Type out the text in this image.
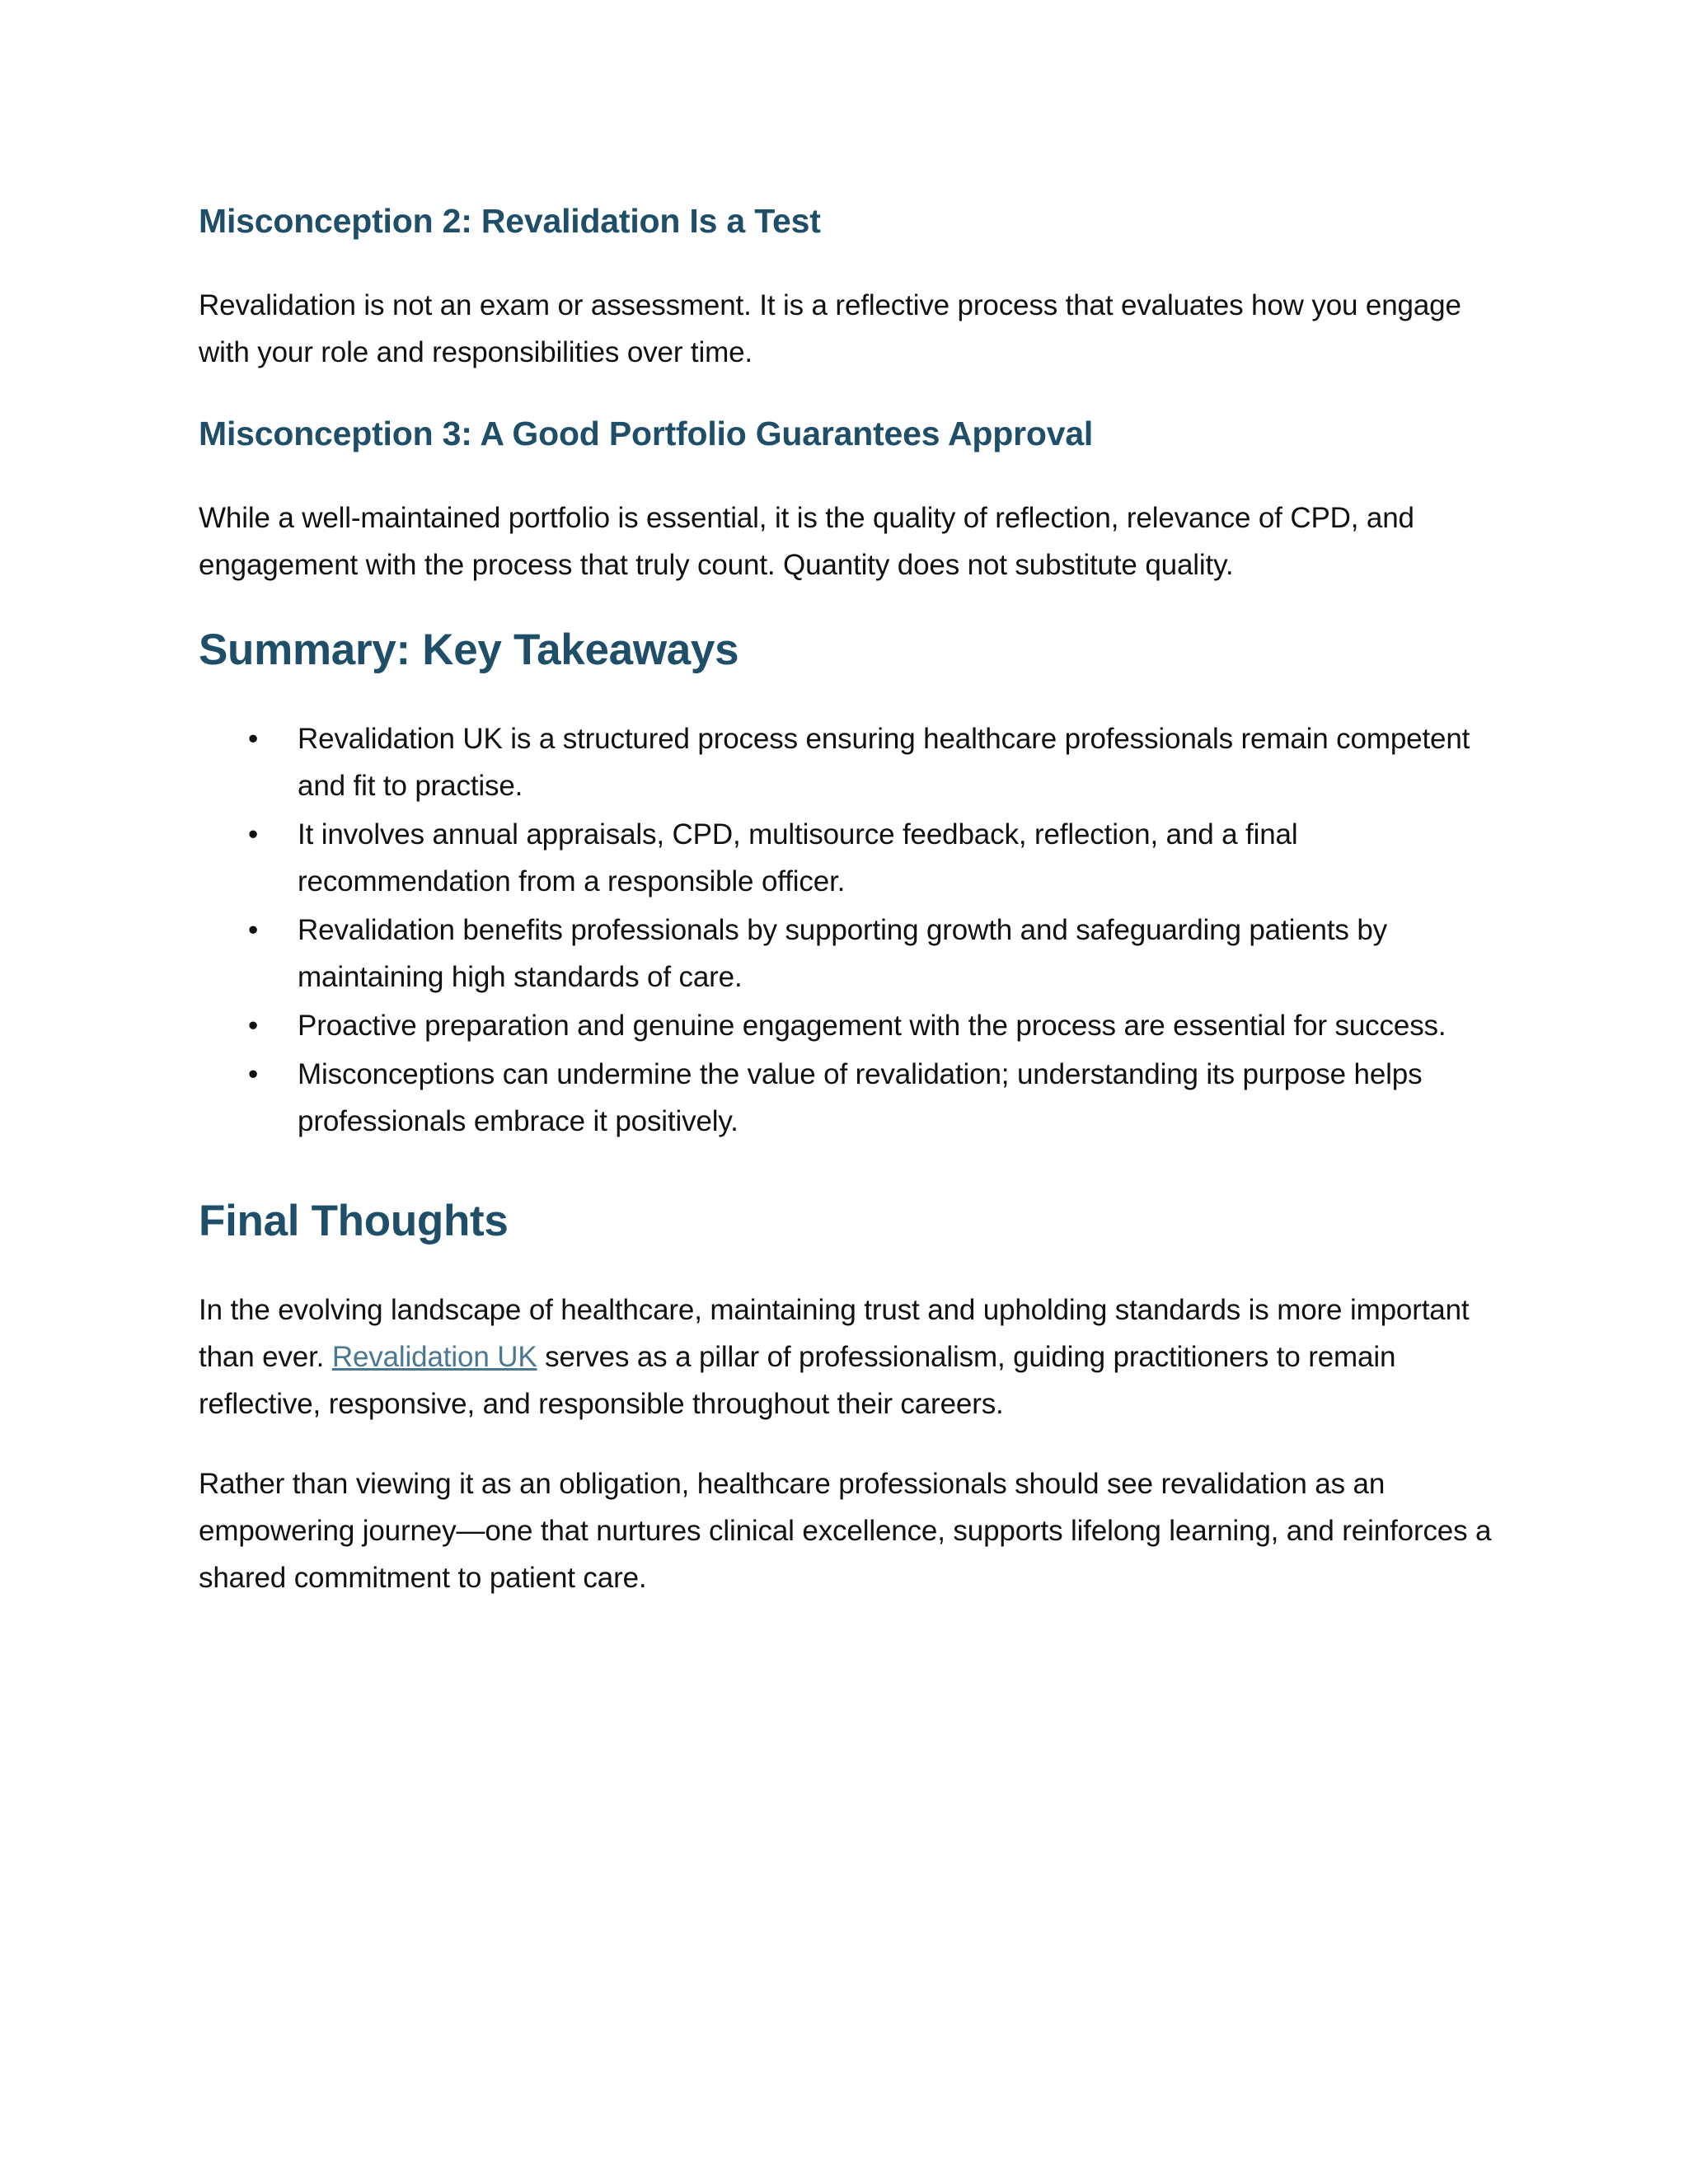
Misconception 2: Revalidation Is a Test

Revalidation is not an exam or assessment. It is a reflective process that evaluates how you engage with your role and responsibilities over time.

Misconception 3: A Good Portfolio Guarantees Approval

While a well-maintained portfolio is essential, it is the quality of reflection, relevance of CPD, and engagement with the process that truly count. Quantity does not substitute quality.

Summary: Key Takeaways
• Revalidation UK is a structured process ensuring healthcare professionals remain competent and fit to practise.
• It involves annual appraisals, CPD, multisource feedback, reflection, and a final recommendation from a responsible officer.
• Revalidation benefits professionals by supporting growth and safeguarding patients by maintaining high standards of care.
• Proactive preparation and genuine engagement with the process are essential for success.
• Misconceptions can undermine the value of revalidation; understanding its purpose helps professionals embrace it positively.
Final Thoughts

In the evolving landscape of healthcare, maintaining trust and upholding standards is more important than ever. Revalidation UK serves as a pillar of professionalism, guiding practitioners to remain reflective, responsive, and responsible throughout their careers.

Rather than viewing it as an obligation, healthcare professionals should see revalidation as an empowering journey—one that nurtures clinical excellence, supports lifelong learning, and reinforces a shared commitment to patient care.
